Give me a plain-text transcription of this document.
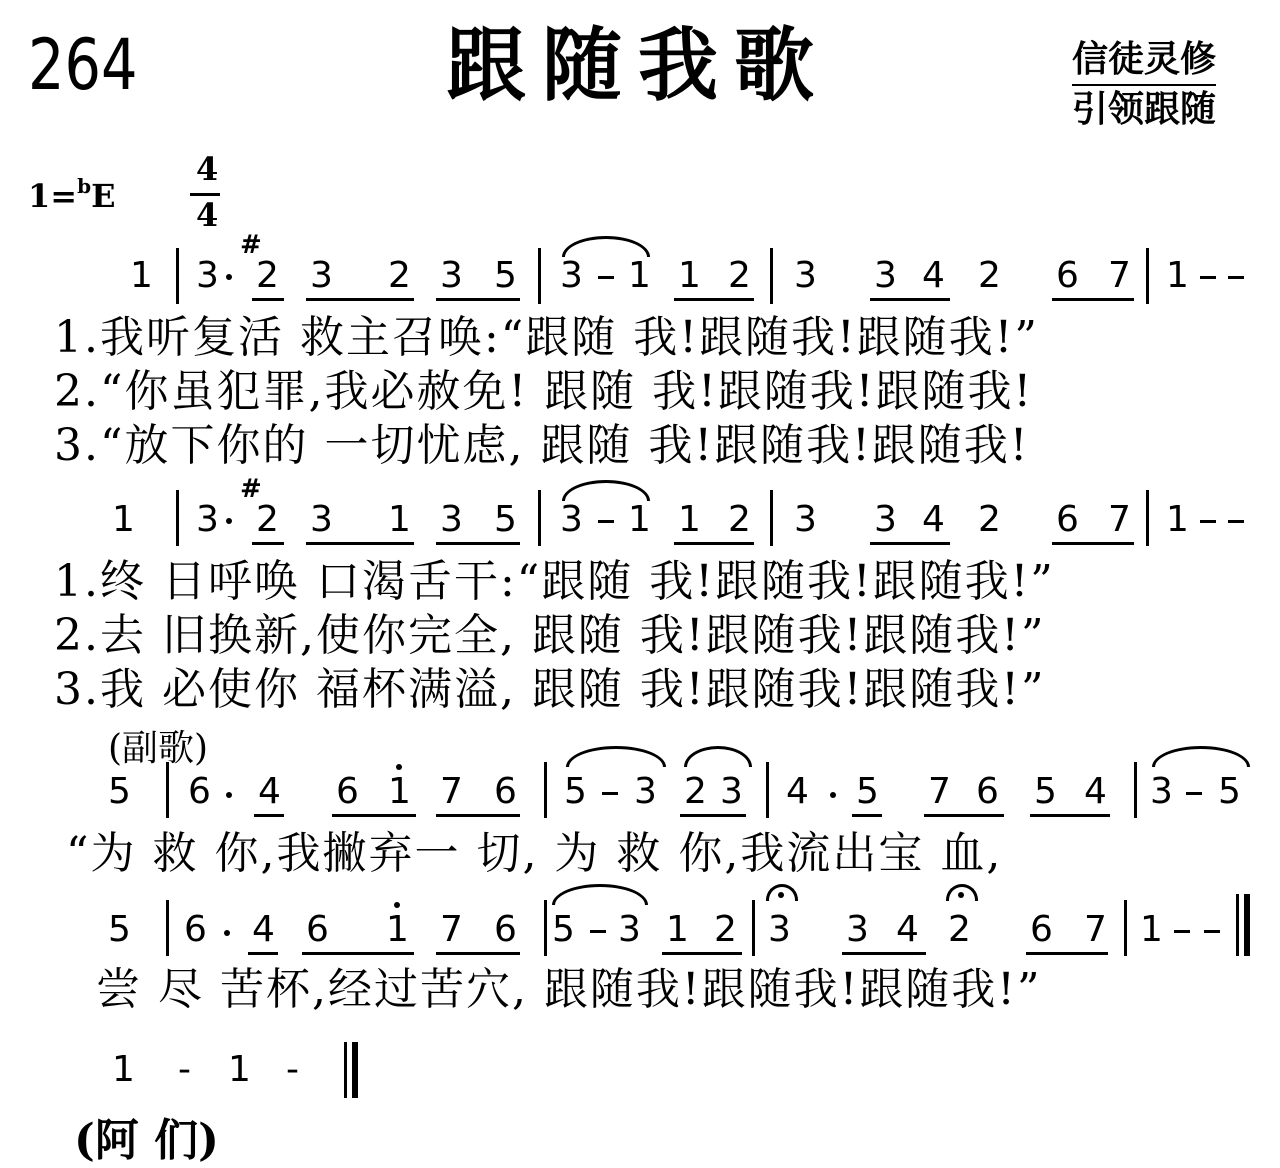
264	跟随我歌	信徒灵修
引领跟随
1=$^b$E
4
4
1 3 2 3 2 3 5 3 1 1 2 3 3 4 2 6 7 1
1 3 2 3 1 3 5 3 1 1 2 3 3 4 2 6 7 1
5 6 4 6 1 7 6 5 3 2 3 4 5 7 6 5 4 3 5
5 6 4 6 1 7 6 5 3 1 2 3 3 4 2 6 7 1
#
#
1 - 1 -
1.我听复活 救主召唤:“跟随 我!跟随我!跟随我!”
2.“你虽犯罪,我必赦免! 跟随 我!跟随我!跟随我!
3.“放下你的 一切忧虑, 跟随 我!跟随我!跟随我!
1.终 日呼唤 口渴舌干:“跟随 我!跟随我!跟随我!”
2.去 旧换新,使你完全, 跟随 我!跟随我!跟随我!”
3.我 必使你 福杯满溢, 跟随 我!跟随我!跟随我!”
(副歌)
“为 救 你,我撇弃一 切, 为 救 你,我流出宝 血,
尝 尽 苦杯,经过苦穴, 跟随我!跟随我!跟随我!”
(阿 们)
